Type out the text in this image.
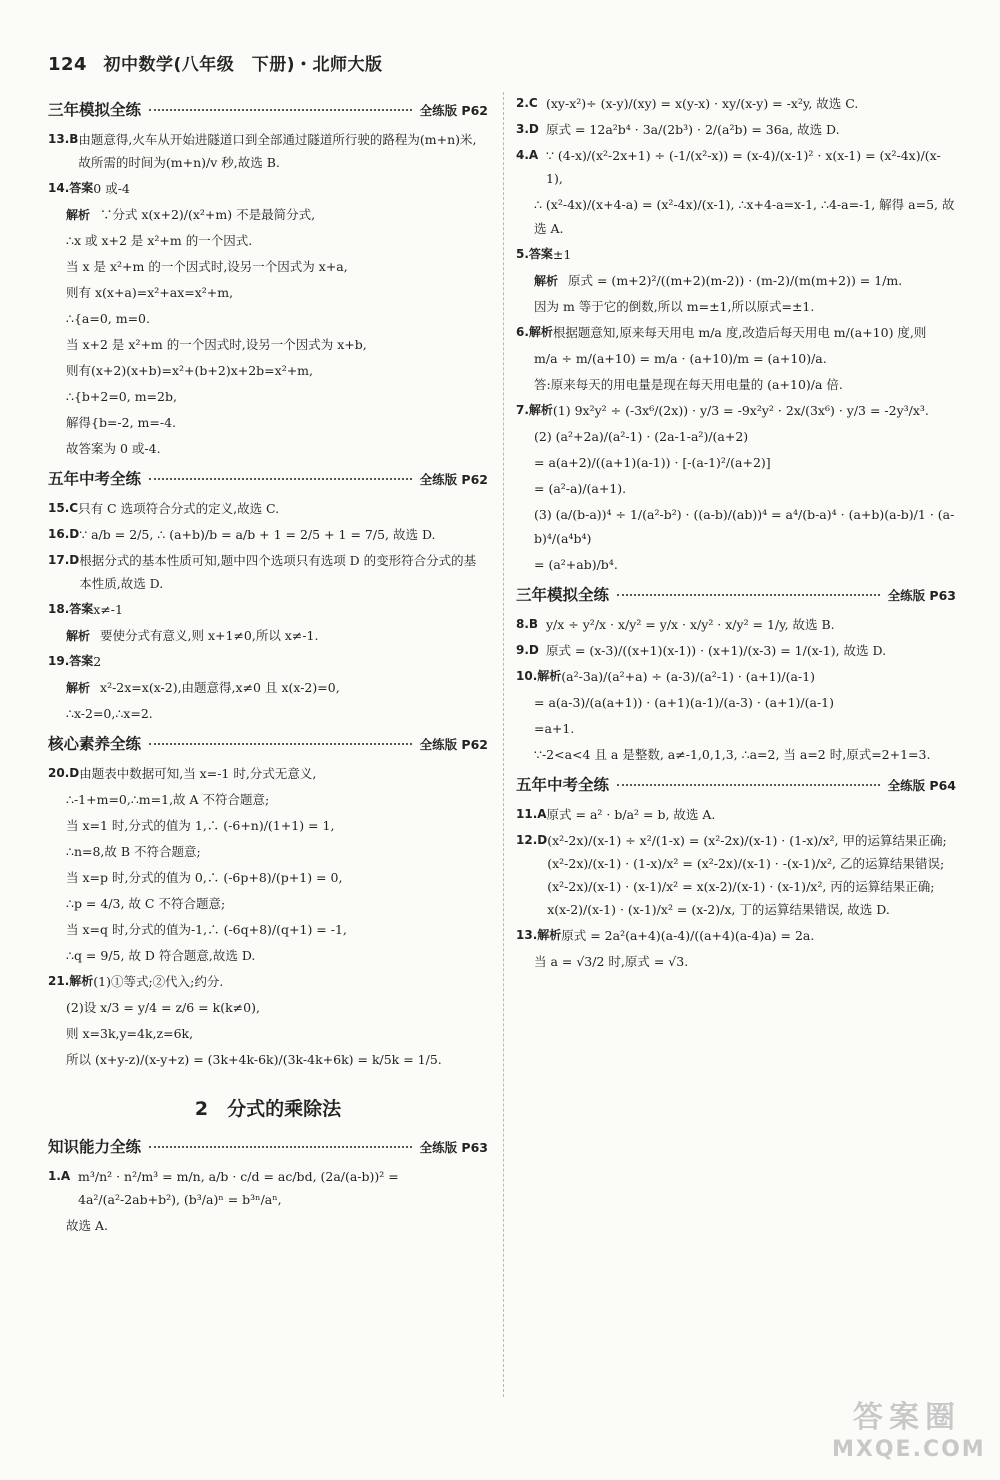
124 初中数学(八年级　下册)・北师大版
三年模拟全练	全练版 P62
13.B 由题意得,火车从开始进隧道口到全部通过隧道所行驶的路程为(m+n)米,故所需的时间为(m+n)/v 秒,故选 B.
14.答案 0 或-4
解析 ∵分式 x(x+2)/(x²+m) 不是最简分式,
∴x 或 x+2 是 x²+m 的一个因式.
当 x 是 x²+m 的一个因式时,设另一个因式为 x+a,
则有 x(x+a)=x²+ax=x²+m,
∴{a=0, m=0.
当 x+2 是 x²+m 的一个因式时,设另一个因式为 x+b,
则有(x+2)(x+b)=x²+(b+2)x+2b=x²+m,
∴{b+2=0, m=2b,
解得{b=-2, m=-4.
故答案为 0 或-4.
五年中考全练	全练版 P62
15.C 只有 C 选项符合分式的定义,故选 C.
16.D ∵ a/b = 2/5, ∴ (a+b)/b = a/b + 1 = 2/5 + 1 = 7/5, 故选 D.
17.D 根据分式的基本性质可知,题中四个选项只有选项 D 的变形符合分式的基本性质,故选 D.
18.答案 x≠-1
解析 要使分式有意义,则 x+1≠0,所以 x≠-1.
19.答案 2
解析 x²-2x=x(x-2),由题意得,x≠0 且 x(x-2)=0,
∴x-2=0,∴x=2.
核心素养全练	全练版 P62
20.D 由题表中数据可知,当 x=-1 时,分式无意义,
∴-1+m=0,∴m=1,故 A 不符合题意;
当 x=1 时,分式的值为 1,∴ (-6+n)/(1+1) = 1,
∴n=8,故 B 不符合题意;
当 x=p 时,分式的值为 0,∴ (-6p+8)/(p+1) = 0,
∴p = 4/3, 故 C 不符合题意;
当 x=q 时,分式的值为-1,∴ (-6q+8)/(q+1) = -1,
∴q = 9/5, 故 D 符合题意,故选 D.
21.解析 (1)①等式;②代入;约分.
(2)设 x/3 = y/4 = z/6 = k(k≠0),
则 x=3k,y=4k,z=6k,
所以 (x+y-z)/(x-y+z) = (3k+4k-6k)/(3k-4k+6k) = k/5k = 1/5.
2　分式的乘除法
知识能力全练	全练版 P63
1.A m³/n² · n²/m³ = m/n, a/b · c/d = ac/bd, (2a/(a-b))² = 4a²/(a²-2ab+b²), (b³/a)ⁿ = b³ⁿ/aⁿ,
故选 A.
2.C (xy-x²)÷ (x-y)/(xy) = x(y-x) · xy/(x-y) = -x²y, 故选 C.
3.D 原式 = 12a²b⁴ · 3a/(2b³) · 2/(a²b) = 36a, 故选 D.
4.A ∵ (4-x)/(x²-2x+1) ÷ (-1/(x²-x)) = (x-4)/(x-1)² · x(x-1) = (x²-4x)/(x-1),
∴ (x²-4x)/(x+4-a) = (x²-4x)/(x-1), ∴x+4-a=x-1, ∴4-a=-1, 解得 a=5, 故选 A.
5.答案 ±1
解析 原式 = (m+2)²/((m+2)(m-2)) · (m-2)/(m(m+2)) = 1/m.
因为 m 等于它的倒数,所以 m=±1,所以原式=±1.
6.解析 根据题意知,原来每天用电 m/a 度,改造后每天用电 m/(a+10) 度,则
m/a ÷ m/(a+10) = m/a · (a+10)/m = (a+10)/a.
答:原来每天的用电量是现在每天用电量的 (a+10)/a 倍.
7.解析 (1) 9x²y² ÷ (-3x⁶/(2x)) · y/3 = -9x²y² · 2x/(3x⁶) · y/3 = -2y³/x³.
(2) (a²+2a)/(a²-1) · (2a-1-a²)/(a+2)
= a(a+2)/((a+1)(a-1)) · [-(a-1)²/(a+2)]
= (a²-a)/(a+1).
(3) (a/(b-a))⁴ ÷ 1/(a²-b²) · ((a-b)/(ab))⁴ = a⁴/(b-a)⁴ · (a+b)(a-b)/1 · (a-b)⁴/(a⁴b⁴)
= (a²+ab)/b⁴.
三年模拟全练	全练版 P63
8.B y/x ÷ y²/x · x/y² = y/x · x/y² · x/y² = 1/y, 故选 B.
9.D 原式 = (x-3)/((x+1)(x-1)) · (x+1)/(x-3) = 1/(x-1), 故选 D.
10.解析 (a²-3a)/(a²+a) ÷ (a-3)/(a²-1) · (a+1)/(a-1)
= a(a-3)/(a(a+1)) · (a+1)(a-1)/(a-3) · (a+1)/(a-1)
=a+1.
∵-2<a<4 且 a 是整数, a≠-1,0,1,3, ∴a=2, 当 a=2 时,原式=2+1=3.
五年中考全练	全练版 P64
11.A 原式 = a² · b/a² = b, 故选 A.
12.D (x²-2x)/(x-1) ÷ x²/(1-x) = (x²-2x)/(x-1) · (1-x)/x², 甲的运算结果正确; (x²-2x)/(x-1) · (1-x)/x² = (x²-2x)/(x-1) · -(x-1)/x², 乙的运算结果错误; (x²-2x)/(x-1) · (x-1)/x² = x(x-2)/(x-1) · (x-1)/x², 丙的运算结果正确; x(x-2)/(x-1) · (x-1)/x² = (x-2)/x, 丁的运算结果错误, 故选 D.
13.解析 原式 = 2a²(a+4)(a-4)/((a+4)(a-4)a) = 2a.
当 a = √3/2 时,原式 = √3.
答案圈
MXQE.COM
